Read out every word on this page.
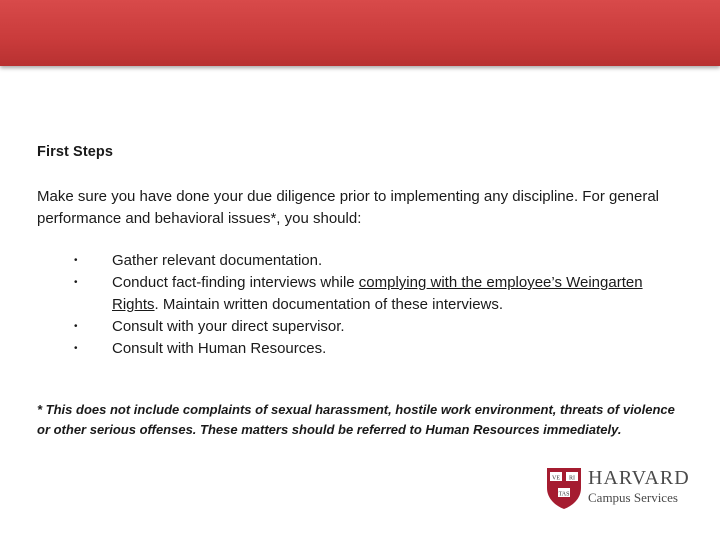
First Steps
Make sure you have done your due diligence prior to implementing any discipline. For general performance and behavioral issues*, you should:
• Gather relevant documentation.
• Conduct fact-finding interviews while complying with the employee’s Weingarten Rights. Maintain written documentation of these interviews.
• Consult with your direct supervisor.
• Consult with Human Resources.
* This does not include complaints of sexual harassment, hostile work environment, threats of violence or other serious offenses. These matters should be referred to Human Resources immediately.
VE RI
TAS
HARVARD
Campus Services
